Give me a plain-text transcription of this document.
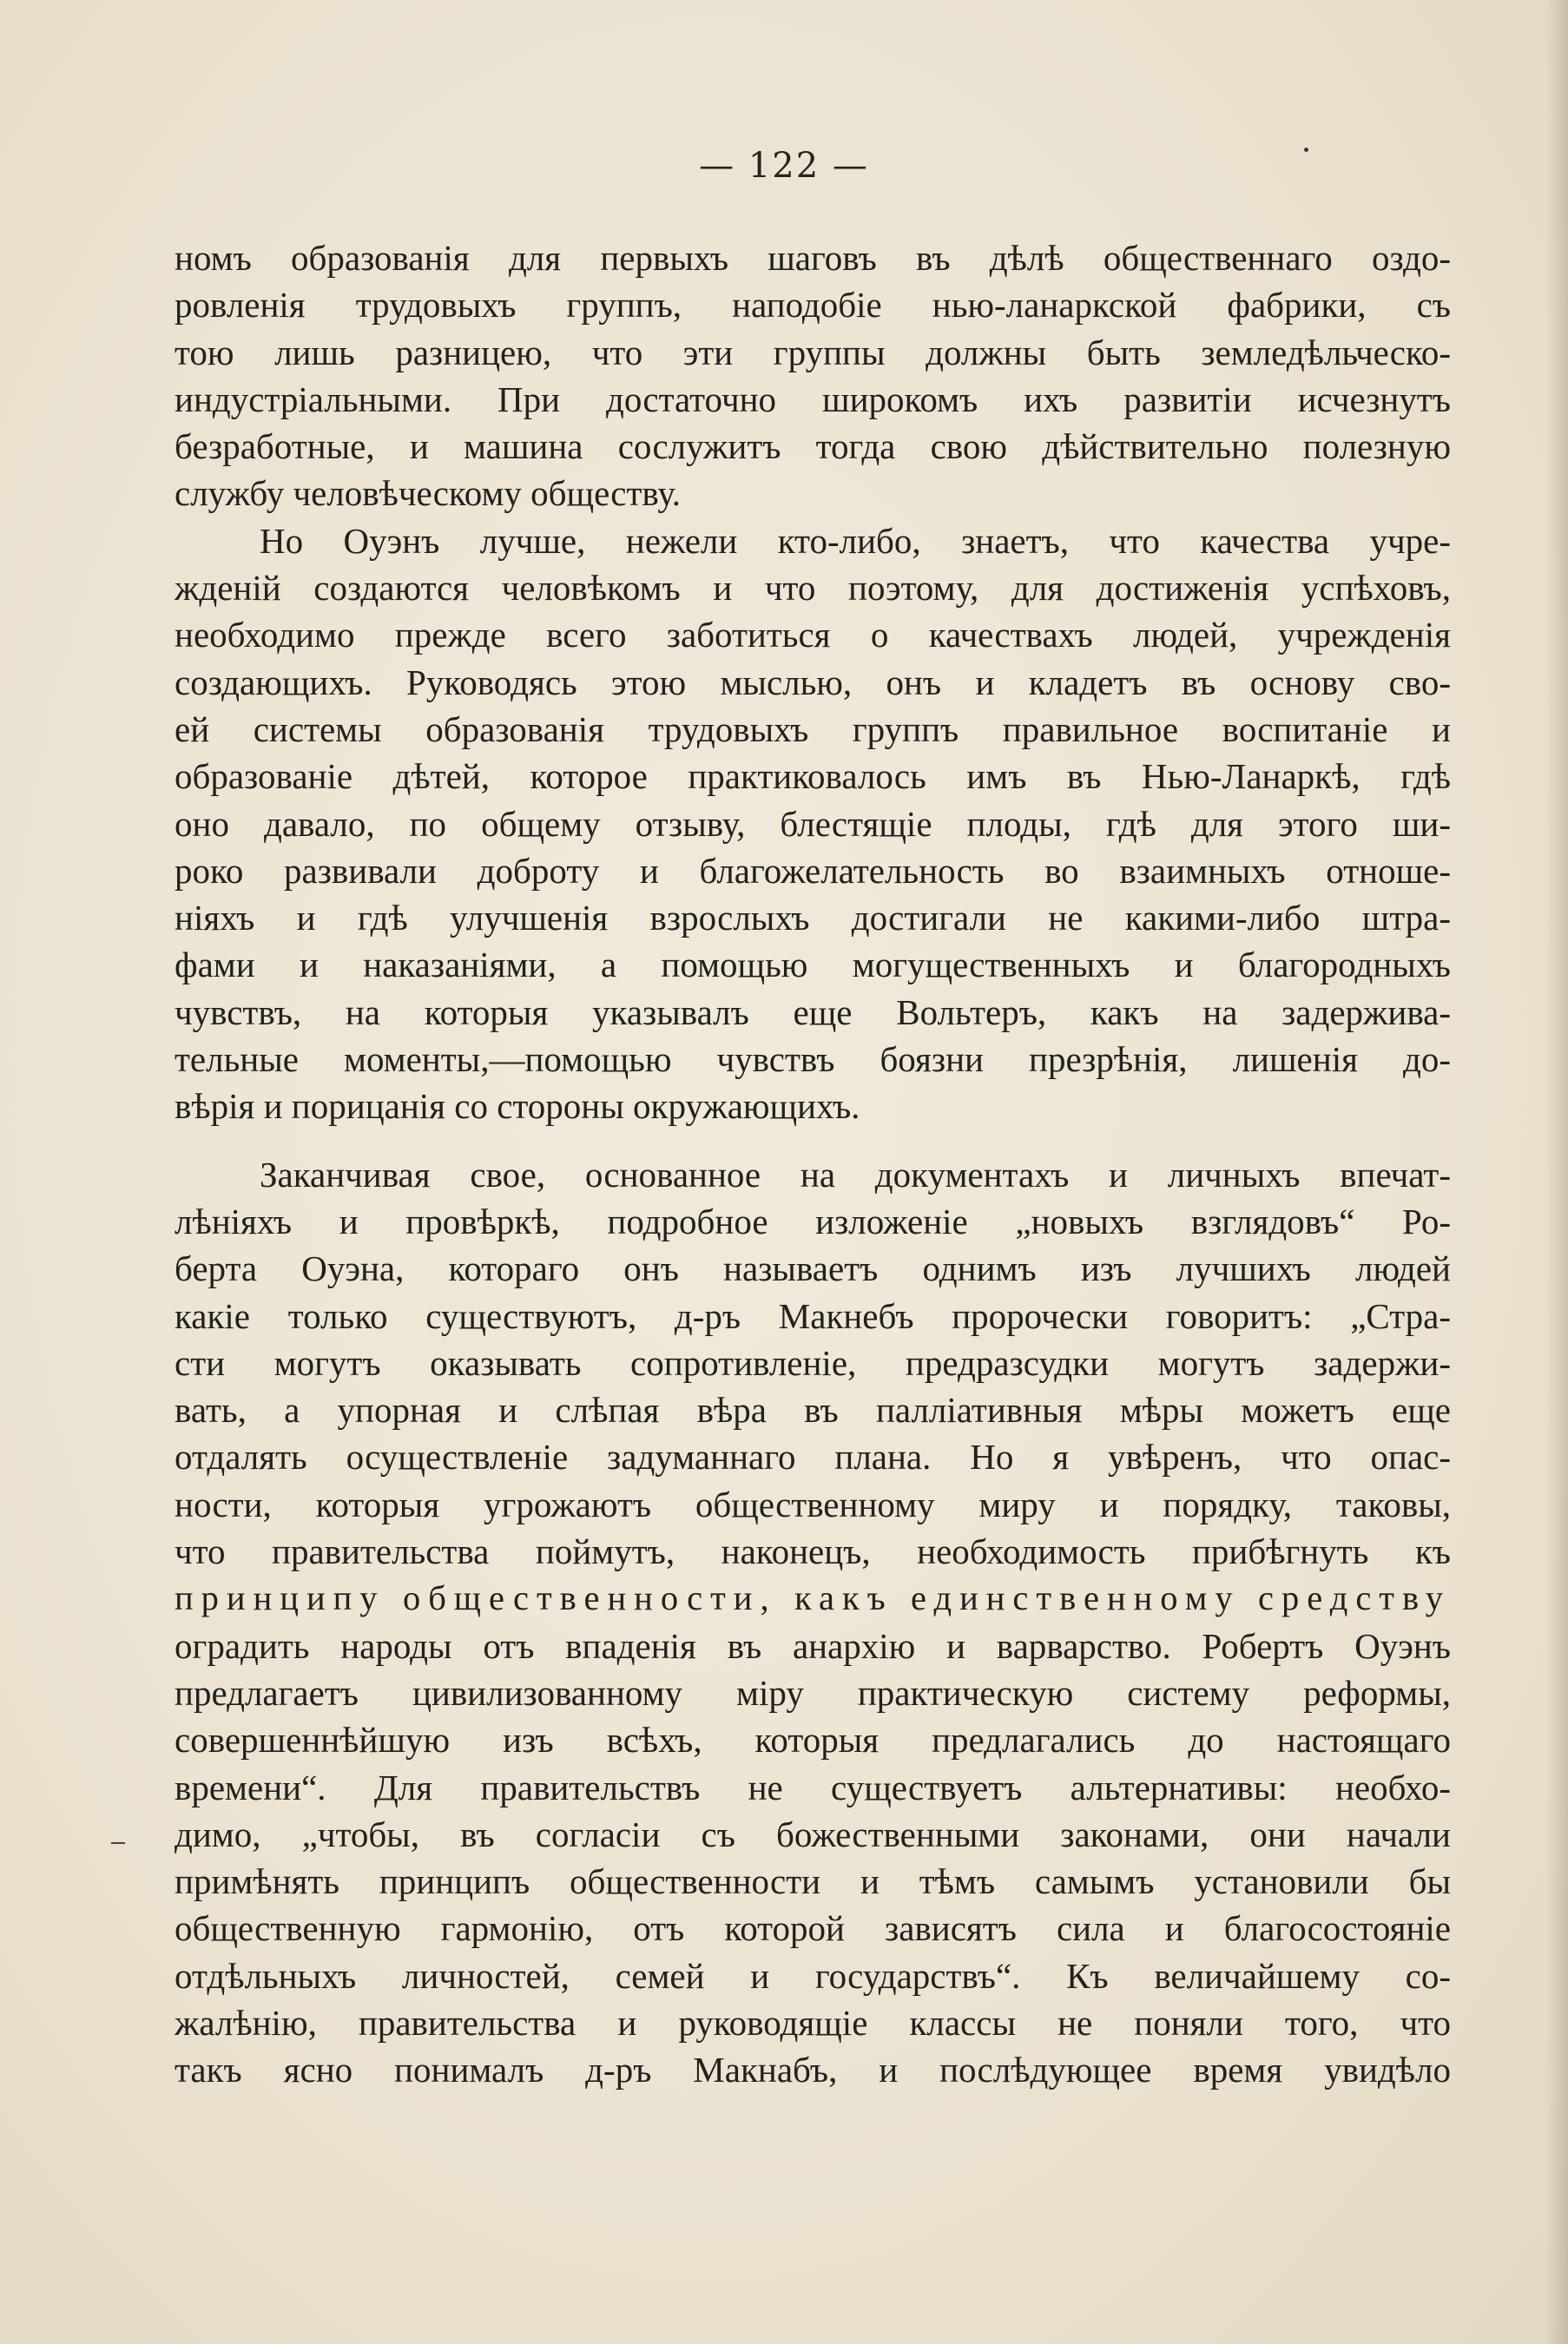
— 122 —
номъ образованія для первыхъ шаговъ въ дѣлѣ общественнаго оздо-
ровленія трудовыхъ группъ, наподобіе нью-ланаркской фабрики, съ
тою лишь разницею, что эти группы должны быть земледѣльческо-
индустріальными. При достаточно широкомъ ихъ развитіи исчезнутъ
безработные, и машина сослужитъ тогда свою дѣйствительно полезную
службу человѣческому обществу.
Но Оуэнъ лучше, нежели кто-либо, знаетъ, что качества учре-
жденій создаются человѣкомъ и что поэтому, для достиженія успѣховъ,
необходимо прежде всего заботиться о качествахъ людей, учрежденія
создающихъ. Руководясь этою мыслью, онъ и кладетъ въ основу сво-
ей системы образованія трудовыхъ группъ правильное воспитаніе и
образованіе дѣтей, которое практиковалось имъ въ Нью-Ланаркѣ, гдѣ
оно давало, по общему отзыву, блестящіе плоды, гдѣ для этого ши-
роко развивали доброту и благожелательность во взаимныхъ отноше-
ніяхъ и гдѣ улучшенія взрослыхъ достигали не какими-либо штра-
фами и наказаніями, а помощью могущественныхъ и благородныхъ
чувствъ, на которыя указывалъ еще Вольтеръ, какъ на задержива-
тельные моменты,—помощью чувствъ боязни презрѣнія, лишенія до-
вѣрія и порицанія со стороны окружающихъ.
Заканчивая свое, основанное на документахъ и личныхъ впечат-
лѣніяхъ и провѣркѣ, подробное изложеніе „новыхъ взглядовъ“ Ро-
берта Оуэна, котораго онъ называетъ однимъ изъ лучшихъ людей
какіе только существуютъ, д-ръ Макнебъ пророчески говоритъ: „Стра-
сти могутъ оказывать сопротивленіе, предразсудки могутъ задержи-
вать, а упорная и слѣпая вѣра въ паллiативныя мѣры можетъ еще
отдалять осуществленіе задуманнаго плана. Но я увѣренъ, что опас-
ности, которыя угрожаютъ общественному миру и порядку, таковы,
что правительства поймутъ, наконецъ, необходимость прибѣгнуть къ
принципу общественности, какъ единственному средству
оградить народы отъ впаденія въ анархію и варварство. Робертъ Оуэнъ
предлагаетъ цивилизованному міру практическую систему реформы,
совершеннѣйшую изъ всѣхъ, которыя предлагались до настоящаго
времени“. Для правительствъ не существуетъ альтернативы: необхо-
димо, „чтобы, въ согласіи съ божественными законами, они начали
примѣнять принципъ общественности и тѣмъ самымъ установили бы
общественную гармонію, отъ которой зависятъ сила и благосостояніе
отдѣльныхъ личностей, семей и государствъ“. Къ величайшему со-
жалѣнію, правительства и руководящіе классы не поняли того, что
такъ ясно понималъ д-ръ Макнабъ, и послѣдующее время увидѣло
